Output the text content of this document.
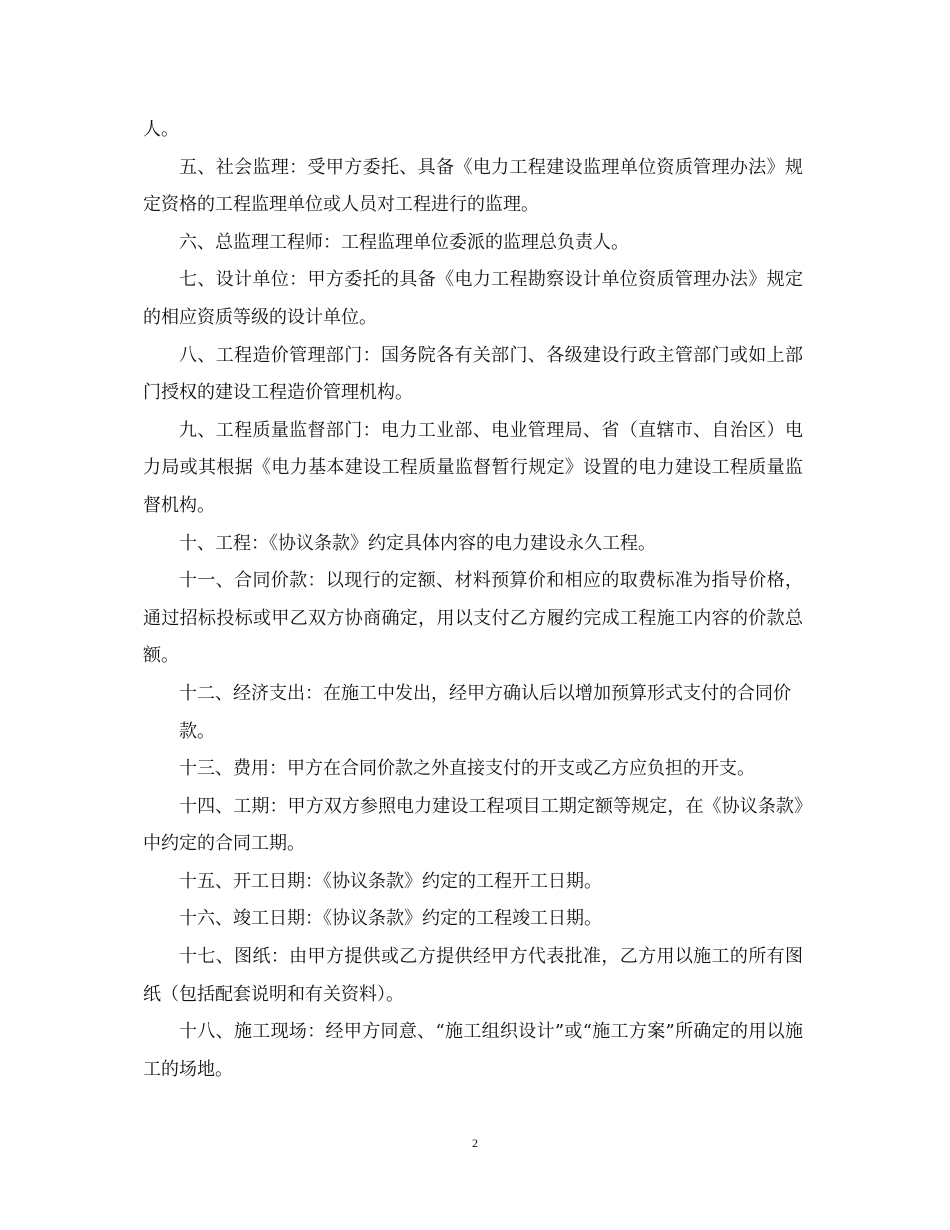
人。

五、社会监理：受甲方委托、具备《电力工程建设监理单位资质管理办法》规定资格的工程监理单位或人员对工程进行的监理。

六、总监理工程师：工程监理单位委派的监理总负责人。

七、设计单位：甲方委托的具备《电力工程勘察设计单位资质管理办法》规定的相应资质等级的设计单位。

八、工程造价管理部门：国务院各有关部门、各级建设行政主管部门或如上部门授权的建设工程造价管理机构。

九、工程质量监督部门：电力工业部、电业管理局、省（直辖市、自治区）电力局或其根据《电力基本建设工程质量监督暂行规定》设置的电力建设工程质量监督机构。

十、工程：《协议条款》约定具体内容的电力建设永久工程。

十一、合同价款：以现行的定额、材料预算价和相应的取费标准为指导价格，通过招标投标或甲乙双方协商确定，用以支付乙方履约完成工程施工内容的价款总额。

十二、经济支出：在施工中发出，经甲方确认后以增加预算形式支付的合同价

款。

十三、费用：甲方在合同价款之外直接支付的开支或乙方应负担的开支。

十四、工期：甲方双方参照电力建设工程项目工期定额等规定，在《协议条款》中约定的合同工期。

十五、开工日期：《协议条款》约定的工程开工日期。

十六、竣工日期：《协议条款》约定的工程竣工日期。

十七、图纸：由甲方提供或乙方提供经甲方代表批准，乙方用以施工的所有图纸（包括配套说明和有关资料）。

十八、施工现场：经甲方同意、“施工组织设计”或“施工方案”所确定的用以施工的场地。

2
